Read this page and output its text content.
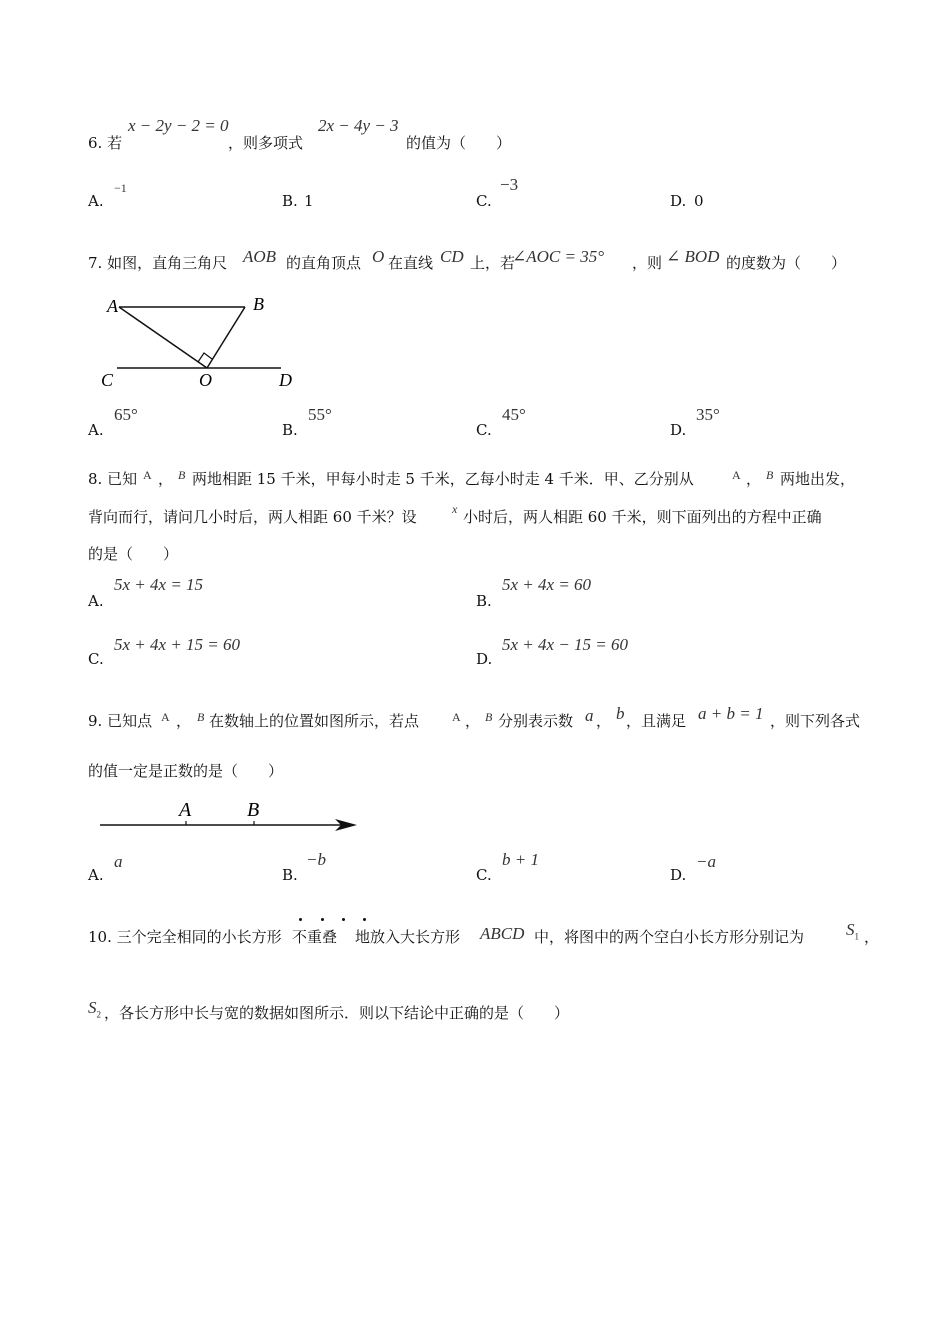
6. 若
x − 2y − 2 = 0
，则多项式
2x − 4y − 3
的值为（　　）
A.
−1
B. 1	C.
−3
D. 0
7. 如图，直角三角尺 AOB 的直角顶点 O 在直线 CD 上，若
∠AOC = 35° ，则 ∠ BOD 的度数为（　　）
A	B
C	O	D
A.
65°
B.
55°
C.
45°
D.
35°
8. 已知 A ， B 两地相距 15 千米，甲每小时走 5 千米，乙每小时走 4 千米．甲、乙分别从	A ， B 两地出发，
背向而行，请问几小时后，两人相距 60 千米？设	x 小时后，两人相距 60 千米，则下面列出的方程中正确
的是（　　）
A.
5x + 4x = 15
B.
5x + 4x = 60
C.
5x + 4x + 15 = 60
D.
5x + 4x − 15 = 60
9. 已知点 A ， B 在数轴上的位置如图所示，若点	A ， B 分别表示数 a ， b ，且满足 a + b = 1 ，则下列各式
的值一定是正数的是（　　）
A	B
A.
a
B.
−b
C.
b + 1
D.
−a
10. 三个完全相同的小长方形 不重叠 地放入大长方形 ABCD 中，将图中的两个空白小长方形分别记为 $S_1$ ，
$S_2$ ，各长方形中长与宽的数据如图所示．则以下结论中正确的是（　　）
